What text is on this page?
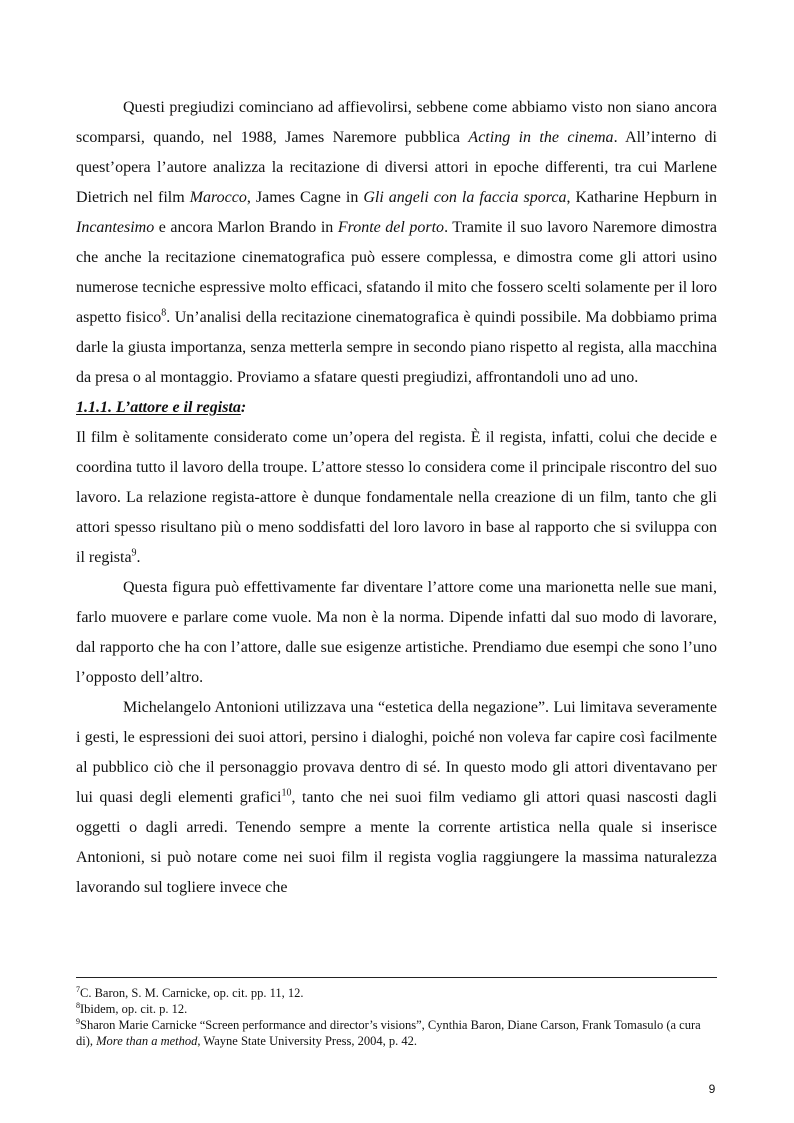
Questi pregiudizi cominciano ad affievolirsi, sebbene come abbiamo visto non siano ancora scomparsi, quando, nel 1988, James Naremore pubblica Acting in the cinema. All’interno di quest’opera l’autore analizza la recitazione di diversi attori in epoche differenti, tra cui Marlene Dietrich nel film Marocco, James Cagne in Gli angeli con la faccia sporca, Katharine Hepburn in Incantesimo e ancora Marlon Brando in Fronte del porto. Tramite il suo lavoro Naremore dimostra che anche la recitazione cinematografica può essere complessa, e dimostra come gli attori usino numerose tecniche espressive molto efficaci, sfatando il mito che fossero scelti solamente per il loro aspetto fisico$^8$. Un’analisi della recitazione cinematografica è quindi possibile. Ma dobbiamo prima darle la giusta importanza, senza metterla sempre in secondo piano rispetto al regista, alla macchina da presa o al montaggio. Proviamo a sfatare questi pregiudizi, affrontandoli uno ad uno.

1.1.1. L’attore e il regista:

Il film è solitamente considerato come un’opera del regista. È il regista, infatti, colui che decide e coordina tutto il lavoro della troupe. L’attore stesso lo considera come il principale riscontro del suo lavoro. La relazione regista-attore è dunque fondamentale nella creazione di un film, tanto che gli attori spesso risultano più o meno soddisfatti del loro lavoro in base al rapporto che si sviluppa con il regista$^9$.

Questa figura può effettivamente far diventare l’attore come una marionetta nelle sue mani, farlo muovere e parlare come vuole. Ma non è la norma. Dipende infatti dal suo modo di lavorare, dal rapporto che ha con l’attore, dalle sue esigenze artistiche. Prendiamo due esempi che sono l’uno l’opposto dell’altro.

Michelangelo Antonioni utilizzava una “estetica della negazione”. Lui limitava severamente i gesti, le espressioni dei suoi attori, persino i dialoghi, poiché non voleva far capire così facilmente al pubblico ciò che il personaggio provava dentro di sé. In questo modo gli attori diventavano per lui quasi degli elementi grafici$^{10}$, tanto che nei suoi film vediamo gli attori quasi nascosti dagli oggetti o dagli arredi. Tenendo sempre a mente la corrente artistica nella quale si inserisce Antonioni, si può notare come nei suoi film il regista voglia raggiungere la massima naturalezza lavorando sul togliere invece che

$^7$C. Baron, S. M. Carnicke, op. cit. pp. 11, 12.

$^8$Ibidem, op. cit. p. 12.

$^9$Sharon Marie Carnicke “Screen performance and director’s visions”, Cynthia Baron, Diane Carson, Frank Tomasulo (a cura di), More than a method, Wayne State University Press, 2004, p. 42.

9
